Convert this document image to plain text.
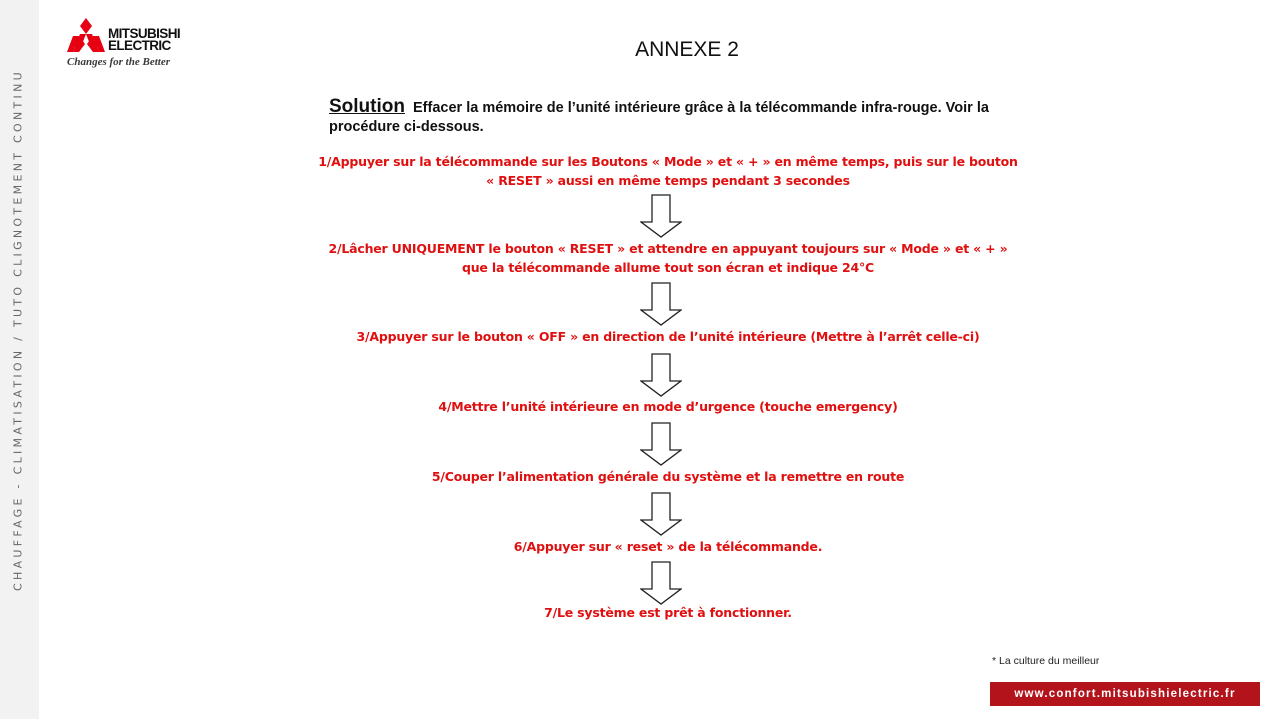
CHAUFFAGE - CLIMATISATION / TUTO CLIGNOTEMENT CONTINU
MITSUBISHI
ELECTRIC
Changes for the Better
ANNEXE 2
Solution Effacer la mémoire de l’unité intérieure grâce à la télécommande infra-rouge. Voir la procédure ci-dessous.
1/Appuyer sur la télécommande sur les Boutons « Mode » et « + » en même temps, puis sur le bouton « RESET » aussi en même temps pendant 3 secondes
2/Lâcher UNIQUEMENT le bouton « RESET » et attendre en appuyant toujours sur « Mode » et « + » que la télécommande allume tout son écran et indique 24°C
3/Appuyer sur le bouton « OFF » en direction de l’unité intérieure (Mettre à l’arrêt celle-ci)
4/Mettre l’unité intérieure en mode d’urgence (touche emergency)
5/Couper l’alimentation générale du système et la remettre en route
6/Appuyer sur « reset » de la télécommande.
7/Le système est prêt à fonctionner.
* La culture du meilleur
www.confort.mitsubishielectric.fr
